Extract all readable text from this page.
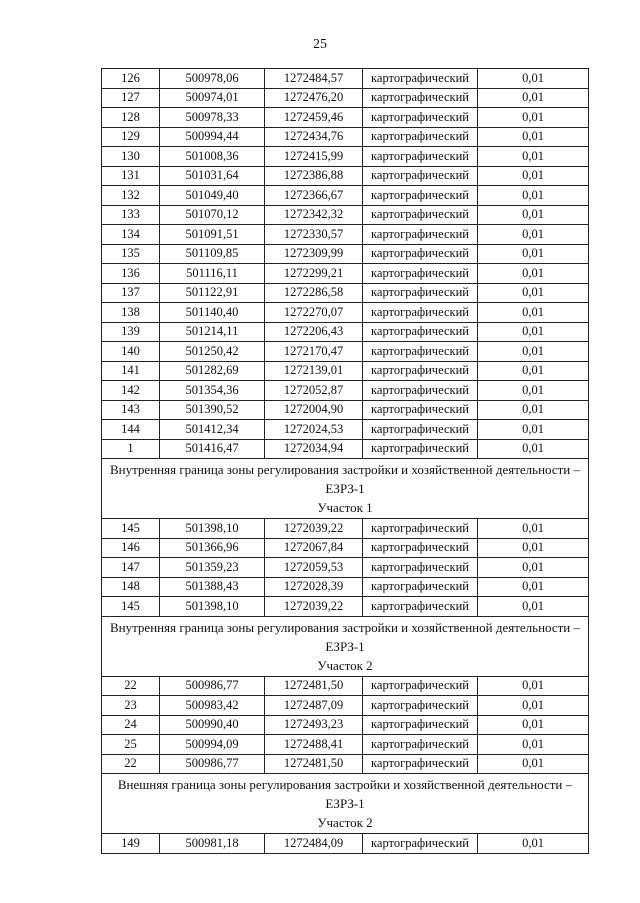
25
126	500978,06	1272484,57	картографический	0,01
127	500974,01	1272476,20	картографический	0,01
128	500978,33	1272459,46	картографический	0,01
129	500994,44	1272434,76	картографический	0,01
130	501008,36	1272415,99	картографический	0,01
131	501031,64	1272386,88	картографический	0,01
132	501049,40	1272366,67	картографический	0,01
133	501070,12	1272342,32	картографический	0,01
134	501091,51	1272330,57	картографический	0,01
135	501109,85	1272309,99	картографический	0,01
136	501116,11	1272299,21	картографический	0,01
137	501122,91	1272286,58	картографический	0,01
138	501140,40	1272270,07	картографический	0,01
139	501214,11	1272206,43	картографический	0,01
140	501250,42	1272170,47	картографический	0,01
141	501282,69	1272139,01	картографический	0,01
142	501354,36	1272052,87	картографический	0,01
143	501390,52	1272004,90	картографический	0,01
144	501412,34	1272024,53	картографический	0,01
1	501416,47	1272034,94	картографический	0,01

Внутренняя граница зоны регулирования застройки и хозяйственной деятельности –
ЕЗРЗ-1
Участок 1				

145	501398,10	1272039,22	картографический	0,01
146	501366,96	1272067,84	картографический	0,01
147	501359,23	1272059,53	картографический	0,01
148	501388,43	1272028,39	картографический	0,01
145	501398,10	1272039,22	картографический	0,01

Внутренняя граница зоны регулирования застройки и хозяйственной деятельности –
ЕЗРЗ-1
Участок 2				

22	500986,77	1272481,50	картографический	0,01
23	500983,42	1272487,09	картографический	0,01
24	500990,40	1272493,23	картографический	0,01
25	500994,09	1272488,41	картографический	0,01
22	500986,77	1272481,50	картографический	0,01

Внешняя граница зоны регулирования застройки и хозяйственной деятельности –
ЕЗРЗ-1
Участок 2				

149	500981,18	1272484,09	картографический	0,01
